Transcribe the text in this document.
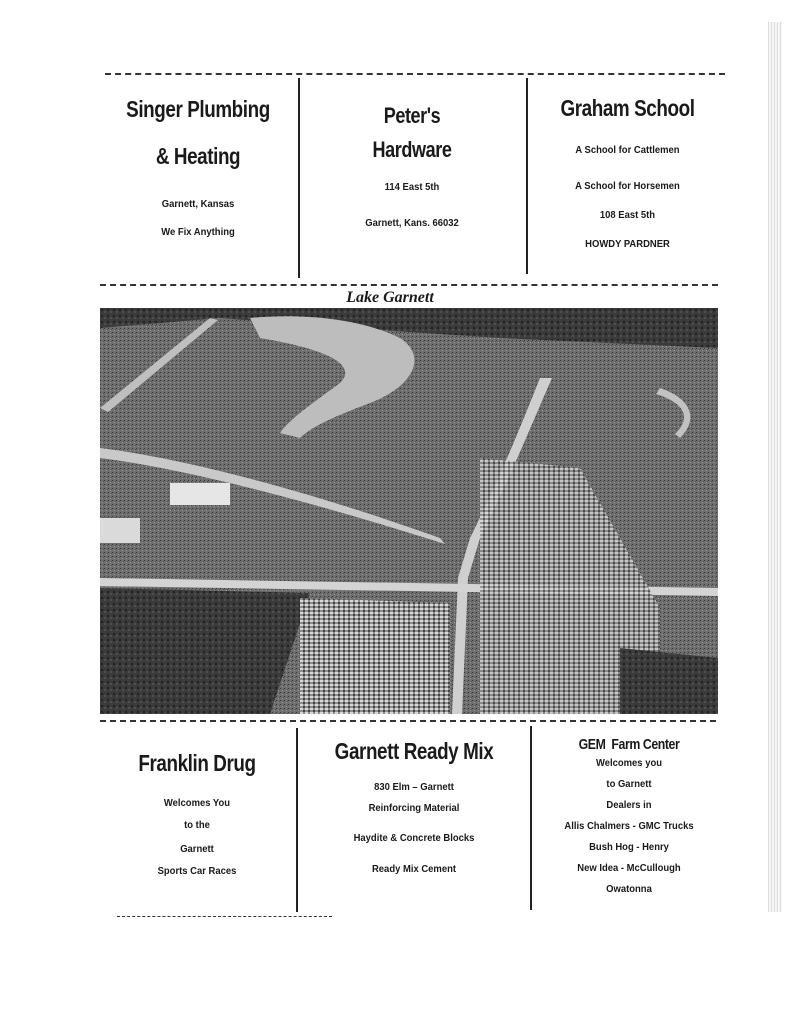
Singer Plumbing
& Heating
Garnett, Kansas
We Fix Anything
Peter's
Hardware
114 East 5th
Garnett, Kans. 66032
Graham School
A School for Cattlemen
A School for Horsemen
108 East 5th
HOWDY PARDNER
Lake Garnett
Franklin Drug
Welcomes You
to the
Garnett
Sports Car Races
Garnett Ready Mix
830 Elm – Garnett
Reinforcing Material
Haydite & Concrete Blocks
Ready Mix Cement
GEM  Farm Center
Welcomes you
to Garnett
Dealers in
Allis Chalmers - GMC Trucks
Bush Hog - Henry
New Idea - McCullough
Owatonna
